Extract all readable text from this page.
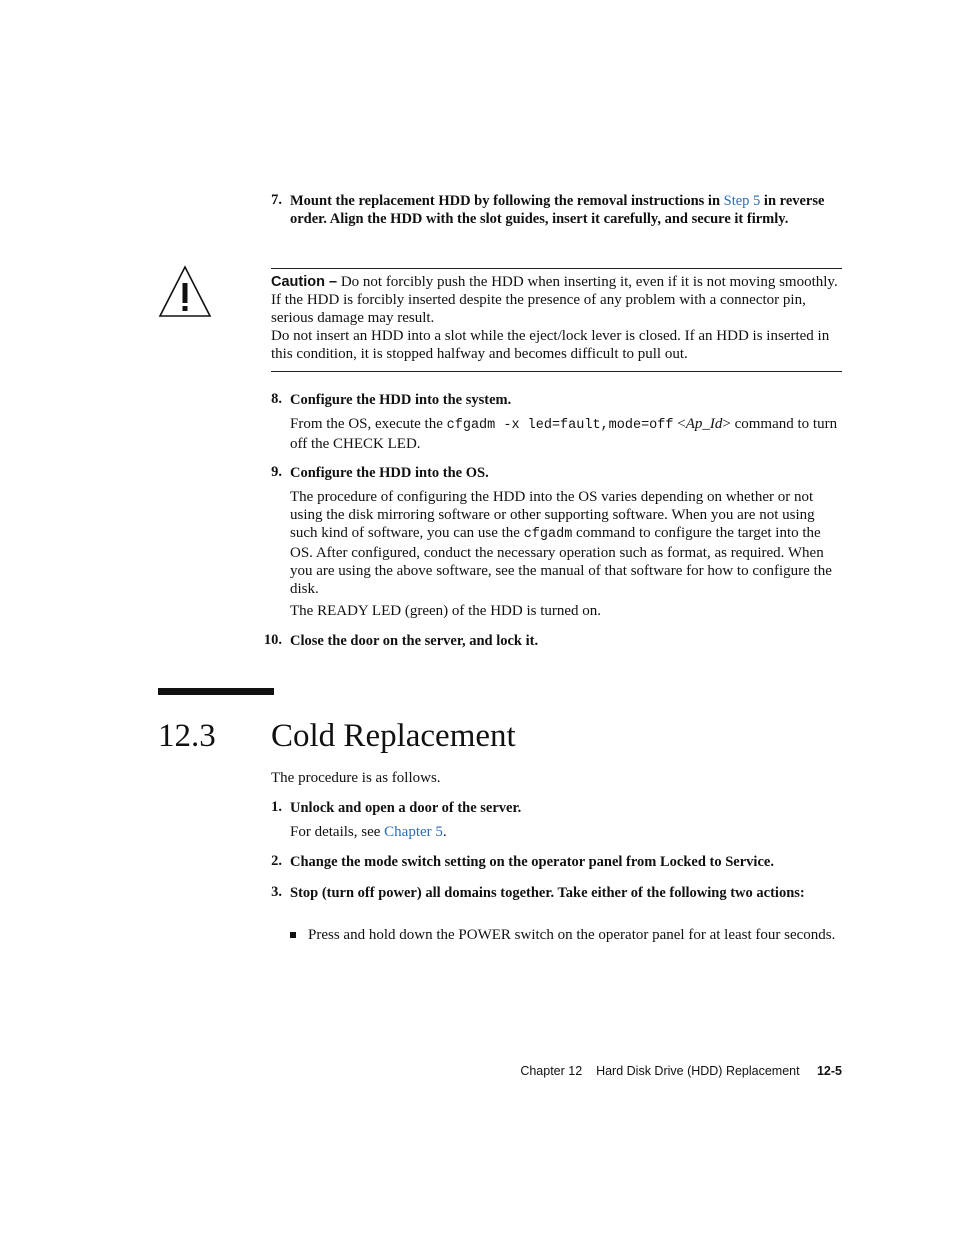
7. Mount the replacement HDD by following the removal instructions in Step 5 in reverse order. Align the HDD with the slot guides, insert it carefully, and secure it firmly.
Caution – Do not forcibly push the HDD when inserting it, even if it is not moving smoothly. If the HDD is forcibly inserted despite the presence of any problem with a connector pin, serious damage may result.
Do not insert an HDD into a slot while the eject/lock lever is closed. If an HDD is inserted in this condition, it is stopped halfway and becomes difficult to pull out.
8. Configure the HDD into the system.
From the OS, execute the cfgadm -x led=fault,mode=off <Ap_Id> command to turn off the CHECK LED.
9. Configure the HDD into the OS.
The procedure of configuring the HDD into the OS varies depending on whether or not using the disk mirroring software or other supporting software. When you are not using such kind of software, you can use the cfgadm command to configure the target into the OS. After configured, conduct the necessary operation such as format, as required. When you are using the above software, see the manual of that software for how to configure the disk.
The READY LED (green) of the HDD is turned on.
10. Close the door on the server, and lock it.
12.3 Cold Replacement
The procedure is as follows.
1. Unlock and open a door of the server.
For details, see Chapter 5.
2. Change the mode switch setting on the operator panel from Locked to Service.
3. Stop (turn off power) all domains together. Take either of the following two actions:
Press and hold down the POWER switch on the operator panel for at least four seconds.
Chapter 12 Hard Disk Drive (HDD) Replacement 12-5
